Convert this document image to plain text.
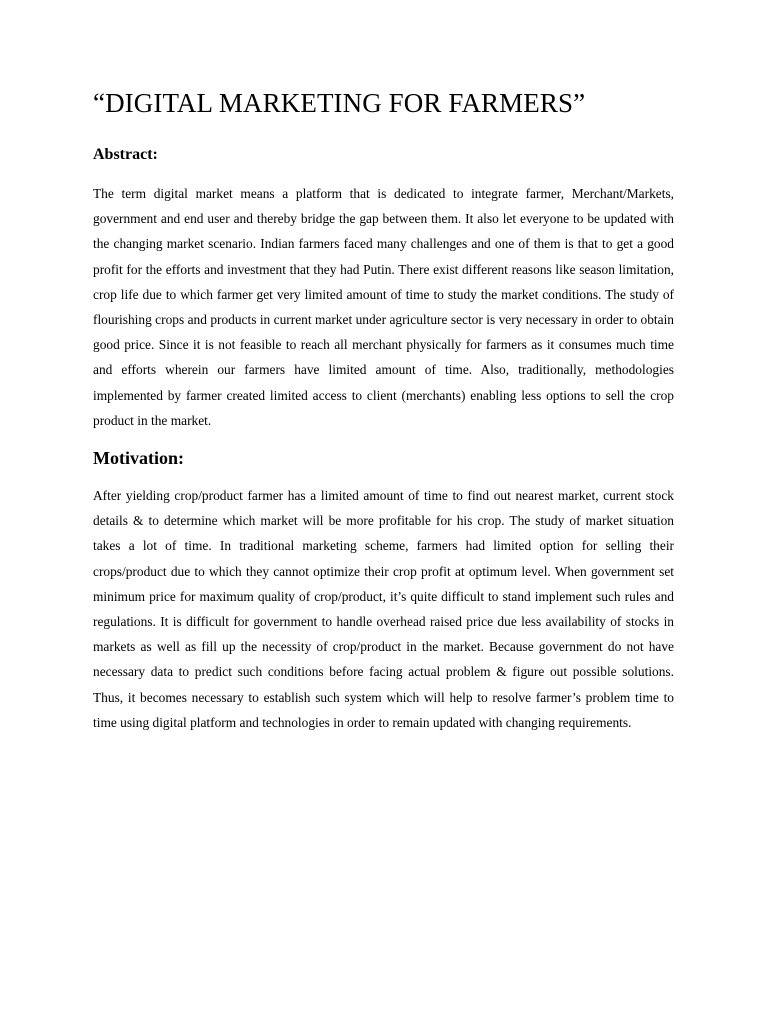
“DIGITAL MARKETING FOR FARMERS”
Abstract:

The term digital market means a platform that is dedicated to integrate farmer, Merchant/Markets, government and end user and thereby bridge the gap between them. It also let everyone to be updated with the changing market scenario. Indian farmers faced many challenges and one of them is that to get a good profit for the efforts and investment that they had Putin. There exist different reasons like season limitation, crop life due to which farmer get very limited amount of time to study the market conditions. The study of flourishing crops and products in current market under agriculture sector is very necessary in order to obtain good price. Since it is not feasible to reach all merchant physically for farmers as it consumes much time and efforts wherein our farmers have limited amount of time. Also, traditionally, methodologies implemented by farmer created limited access to client (merchants) enabling less options to sell the crop product in the market.

Motivation:

After yielding crop/product farmer has a limited amount of time to find out nearest market, current stock details & to determine which market will be more profitable for his crop. The study of market situation takes a lot of time. In traditional marketing scheme, farmers had limited option for selling their crops/product due to which they cannot optimize their crop profit at optimum level. When government set minimum price for maximum quality of crop/product, it’s quite difficult to stand implement such rules and regulations. It is difficult for government to handle overhead raised price due less availability of stocks in markets as well as fill up the necessity of crop/product in the market. Because government do not have necessary data to predict such conditions before facing actual problem & figure out possible solutions. Thus, it becomes necessary to establish such system which will help to resolve farmer’s problem time to time using digital platform and technologies in order to remain updated with changing requirements.
